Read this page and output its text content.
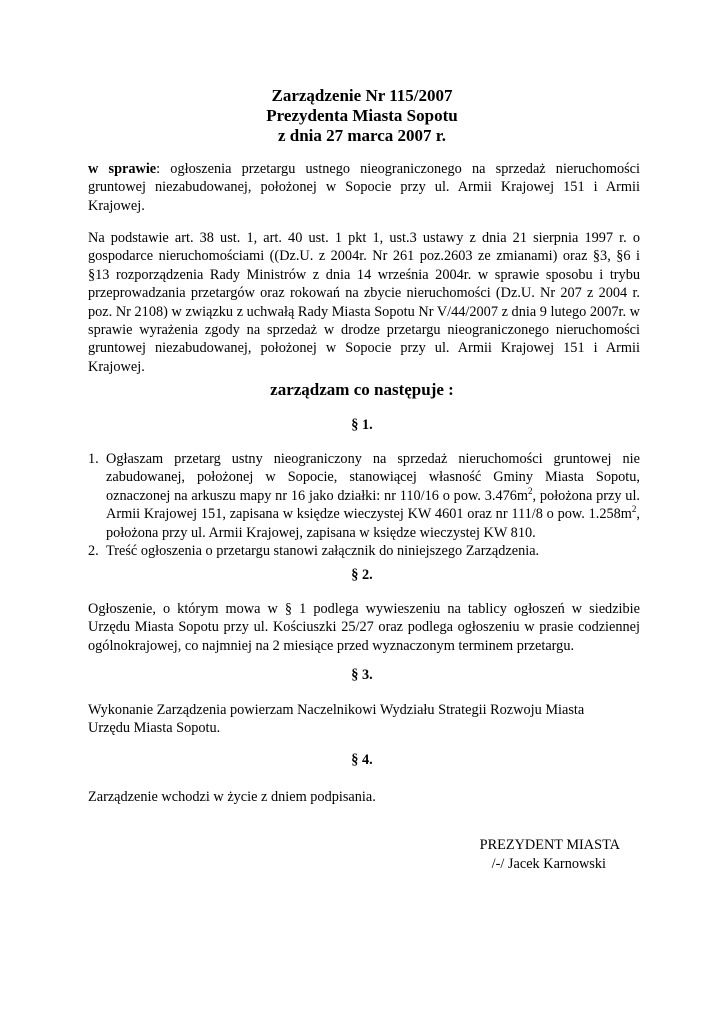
Zarządzenie Nr 115/2007
Prezydenta Miasta Sopotu
z dnia 27 marca 2007 r.
w sprawie: ogłoszenia przetargu ustnego nieograniczonego na sprzedaż nieruchomości gruntowej niezabudowanej, położonej w Sopocie przy ul. Armii Krajowej 151 i Armii Krajowej.
Na podstawie art. 38 ust. 1, art. 40 ust. 1 pkt 1, ust.3 ustawy z dnia 21 sierpnia 1997 r. o gospodarce nieruchomościami ((Dz.U. z 2004r. Nr 261 poz.2603 ze zmianami) oraz §3, §6 i §13 rozporządzenia Rady Ministrów z dnia 14 września 2004r. w sprawie sposobu i trybu przeprowadzania przetargów oraz rokowań na zbycie nieruchomości (Dz.U. Nr 207 z 2004 r. poz. Nr 2108) w związku z uchwałą Rady Miasta Sopotu Nr V/44/2007 z dnia 9 lutego 2007r. w sprawie wyrażenia zgody na sprzedaż w drodze przetargu nieograniczonego nieruchomości gruntowej niezabudowanej, położonej w Sopocie przy ul. Armii Krajowej 151 i Armii Krajowej.
zarządzam co następuje :
§ 1.
1. Ogłaszam przetarg ustny nieograniczony na sprzedaż nieruchomości gruntowej nie zabudowanej, położonej w Sopocie, stanowiącej własność Gminy Miasta Sopotu, oznaczonej na arkuszu mapy nr 16 jako działki: nr 110/16 o pow. $3.476m^2$, położona przy ul. Armii Krajowej 151, zapisana w księdze wieczystej KW 4601 oraz nr 111/8 o pow. $1.258m^2$, położona przy ul. Armii Krajowej, zapisana w księdze wieczystej KW 810.
2. Treść ogłoszenia o przetargu stanowi załącznik do niniejszego Zarządzenia.
§ 2.
Ogłoszenie, o którym mowa w § 1 podlega wywieszeniu na tablicy ogłoszeń w siedzibie Urzędu Miasta Sopotu przy ul. Kościuszki 25/27 oraz podlega ogłoszeniu w prasie codziennej ogólnokrajowej, co najmniej na 2 miesiące przed wyznaczonym terminem przetargu.
§ 3.
Wykonanie Zarządzenia powierzam Naczelnikowi Wydziału Strategii Rozwoju Miasta
Urzędu Miasta Sopotu.
§ 4.
Zarządzenie wchodzi w życie z dniem podpisania.
PREZYDENT MIASTA
/-/ Jacek Karnowski
